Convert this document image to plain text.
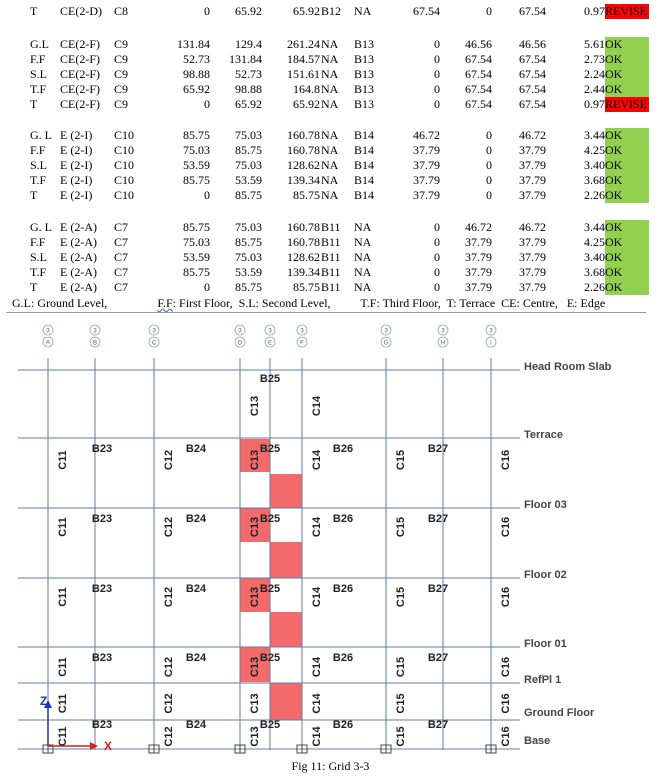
T	CE(2-D)	C8	0	65.92	65.92 B12	NA	67.54	0	67.54	0.97 REVISE
G.L CE(2-F)	C9	131.84	129.4	261.24 NA	B13	0	46.56	46.56	5.61 OK
F.F	CE(2-F)	C9	52.73	131.84	184.57 NA	B13	0	67.54	67.54	2.73 OK
S.L	CE(2-F)	C9	98.88	52.73	151.61 NA	B13	0	67.54	67.54	2.24 OK
T.F	CE(2-F)	C9	65.92	98.88	164.8 NA	B13	0	67.54	67.54	2.44 OK
T	CE(2-F)	C9	0	65.92	65.92 NA	B13	0	67.54	67.54	0.97 REVISE
G. L E (2-I)	C10	85.75	75.03	160.78 NA	B14	46.72	0	46.72	3.44 OK
F.F	E (2-I)	C10	75.03	85.75	160.78 NA	B14	37.79	0	37.79	4.25 OK
S.L	E (2-I)	C10	53.59	75.03	128.62 NA	B14	37.79	0	37.79	3.40 OK
T.F	E (2-I)	C10	85.75	53.59	139.34 NA	B14	37.79	0	37.79	3.68 OK
T	E (2-I)	C10	0	85.75	85.75 NA	B14	37.79	0	37.79	2.26 OK
G. L E (2-A)	C7	85.75	75.03	160.78 B11	NA	0	46.72	46.72	3.44 OK
F.F	E (2-A)	C7	75.03	85.75	160.78 B11	NA	0	37.79	37.79	4.25 OK
S.L	E (2-A)	C7	53.59	75.03	128.62 B11	NA	0	37.79	37.79	3.40 OK
T.F	E (2-A)	C7	85.75	53.59	139.34 B11	NA	0	37.79	37.79	3.68 OK
T	E (2-A)	C7	0	85.75	85.75 B11	NA	0	37.79	37.79	2.26 OK
G.L: Ground Level,	F.F: First Floor,  S.L: Second Level,          T.F: Third Floor,  T: Terrace  CE: Centre,   E: Edge
3
A
3
B
3
C
3
D
3
E
3
F
3
G
3
H
3
I
B23	B24	B25	B26	B27
B23	B24	B25	B26	B27
B23	B24	B25	B26	B27
B23	B24	B25	B26	B27
B23	B24	B25	B26	B27
B25
C11	C12	C13	C14	C15	C16
C11	C12	C13	C14	C15	C16
C11	C12	C13	C14	C15	C16
C11	C12	C13	C14	C15	C16
C11	C12	C13	C14	C15	C16
C11	C12	C13	C14	C15	C16
C13	C14
Z
X
Head Room Slab
Terrace
Floor 03
Floor 02
Floor 01
RefPl 1
Ground Floor
Base
Fig 11: Grid 3-3
